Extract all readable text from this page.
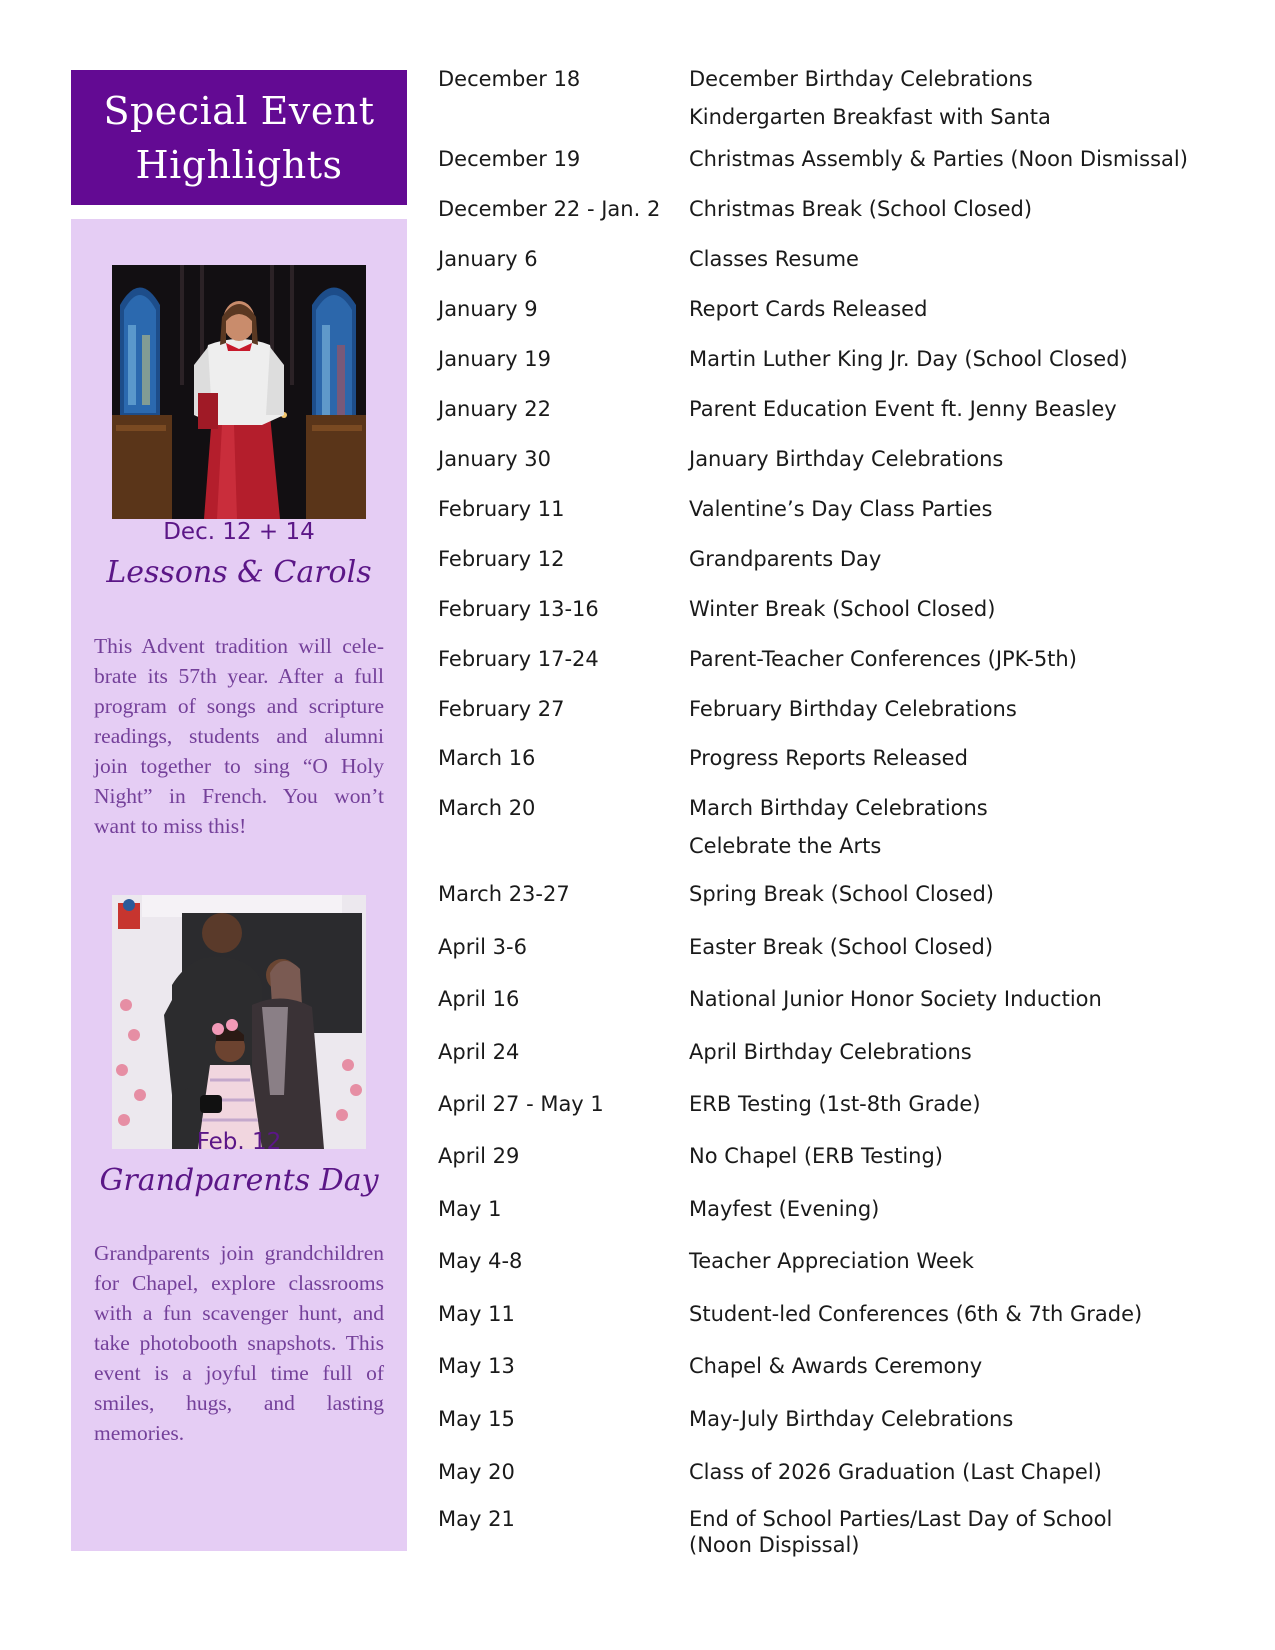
Special Event
Highlights
Dec. 12 + 14
Lessons & Carols
This Advent tradition will celebrate its 57th year. After a full program of songs and scripture readings, students and alumni join together to sing “O Holy Night” in French. You won’t want to miss this!
Feb. 12
Grandparents Day
Grandparents join grandchildren for Chapel, explore classrooms with a fun scavenger hunt, and take photobooth snapshots. This event is a joyful time full of smiles, hugs, and lasting memories.
December 18	December Birthday Celebrations
Kindergarten Breakfast with Santa
December 19	Christmas Assembly & Parties (Noon Dismissal)
December 22 - Jan. 2 Christmas Break (School Closed)
January 6	Classes Resume
January 9	Report Cards Released
January 19	Martin Luther King Jr. Day (School Closed)
January 22	Parent Education Event ft. Jenny Beasley
January 30	January Birthday Celebrations
February 11	Valentine’s Day Class Parties
February 12	Grandparents Day
February 13-16	Winter Break (School Closed)
February 17-24	Parent-Teacher Conferences (JPK-5th)
February 27	February Birthday Celebrations
March 16	Progress Reports Released
March 20	March Birthday Celebrations
Celebrate the Arts
March 23-27	Spring Break (School Closed)
April 3-6	Easter Break (School Closed)
April 16	National Junior Honor Society Induction
April 24	April Birthday Celebrations
April 27 - May 1	ERB Testing (1st-8th Grade)
April 29	No Chapel (ERB Testing)
May 1	Mayfest (Evening)
May 4-8	Teacher Appreciation Week
May 11	Student-led Conferences (6th & 7th Grade)
May 13	Chapel & Awards Ceremony
May 15	May-July Birthday Celebrations
May 20	Class of 2026 Graduation (Last Chapel)
May 21	End of School Parties/Last Day of School (Noon Dispissal)
